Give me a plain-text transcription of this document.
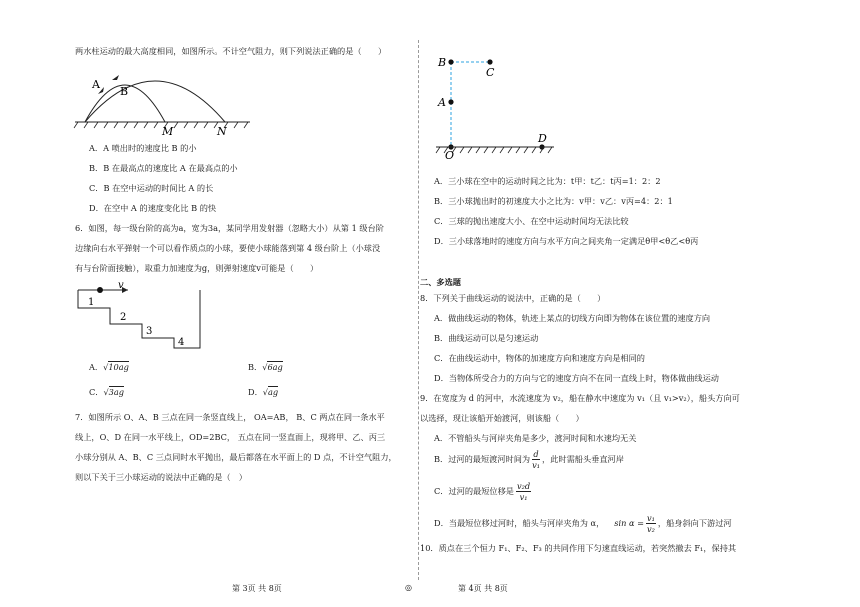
两水柱运动的最大高度相同，如图所示。不计空气阻力，则下列说法正确的是（　　）
A
B
M	N
A．A 喷出时的速度比 B 的小
B．B 在最高点的速度比 A 在最高点的小
C．B 在空中运动的时间比 A 的长
D．在空中 A 的速度变化比 B 的快
6．如图，每一级台阶的高为a，宽为3a，某同学用发射器（忽略大小）从第 1 级台阶
边缘向右水平弹射一个可以看作质点的小球，要使小球能落到第 4 级台阶上（小球没
有与台阶面接触），取重力加速度为g，则弹射速度v可能是（　　）
v
1
2
3
4
A．√10ag	B．√6ag
C．√3ag	D．√ag
7．如图所示 O、A、B 三点在同一条竖直线上， OA=AB， B、C 两点在同一条水平
线上，O、D 在同一水平线上，OD=2BC， 五点在同一竖直面上，现将甲、乙、丙三
小球分别从 A、B、C 三点同时水平抛出，最后都落在水平面上的 D 点，不计空气阻力，
则以下关于三小球运动的说法中正确的是（　）
B
C
A
D
O
A．三小球在空中的运动时间之比为：t甲：t乙：t丙=1：2：2
B．三小球抛出时的初速度大小之比为：v甲：v乙：v丙=4：2：1
C．三球的抛出速度大小、在空中运动时间均无法比较
D．三小球落地时的速度方向与水平方向之间夹角一定满足θ甲<θ乙<θ丙
二、多选题
8．下列关于曲线运动的说法中，正确的是（　　）
A．做曲线运动的物体，轨迹上某点的切线方向即为物体在该位置的速度方向
B．曲线运动可以是匀速运动
C．在曲线运动中，物体的加速度方向和速度方向是相同的
D．当物体所受合力的方向与它的速度方向不在同一直线上时，物体做曲线运动
9．在宽度为 d 的河中，水流速度为 v₂，船在静水中速度为 v₁（且 v₁>v₂），船头方向可
以选择，现让该船开始渡河，则该船（　　）
A．不管船头与河岸夹角是多少，渡河时间和水速均无关
B．过河的最短渡河时间为 d
v₁
，此时需船头垂直河岸
C．过河的最短位移是 v₂d
v₁
D．当最短位移过河时，船头与河岸夹角为 α， $\sin \alpha = \frac{\text{v₁}}{\text{v₂}}$ ，船身斜向下游过河
10．质点在三个恒力 F₁、F₂、F₃ 的共同作用下匀速直线运动，若突然撤去 F₁，保持其
第 3页 共 8页	◎	第 4页 共 8页
